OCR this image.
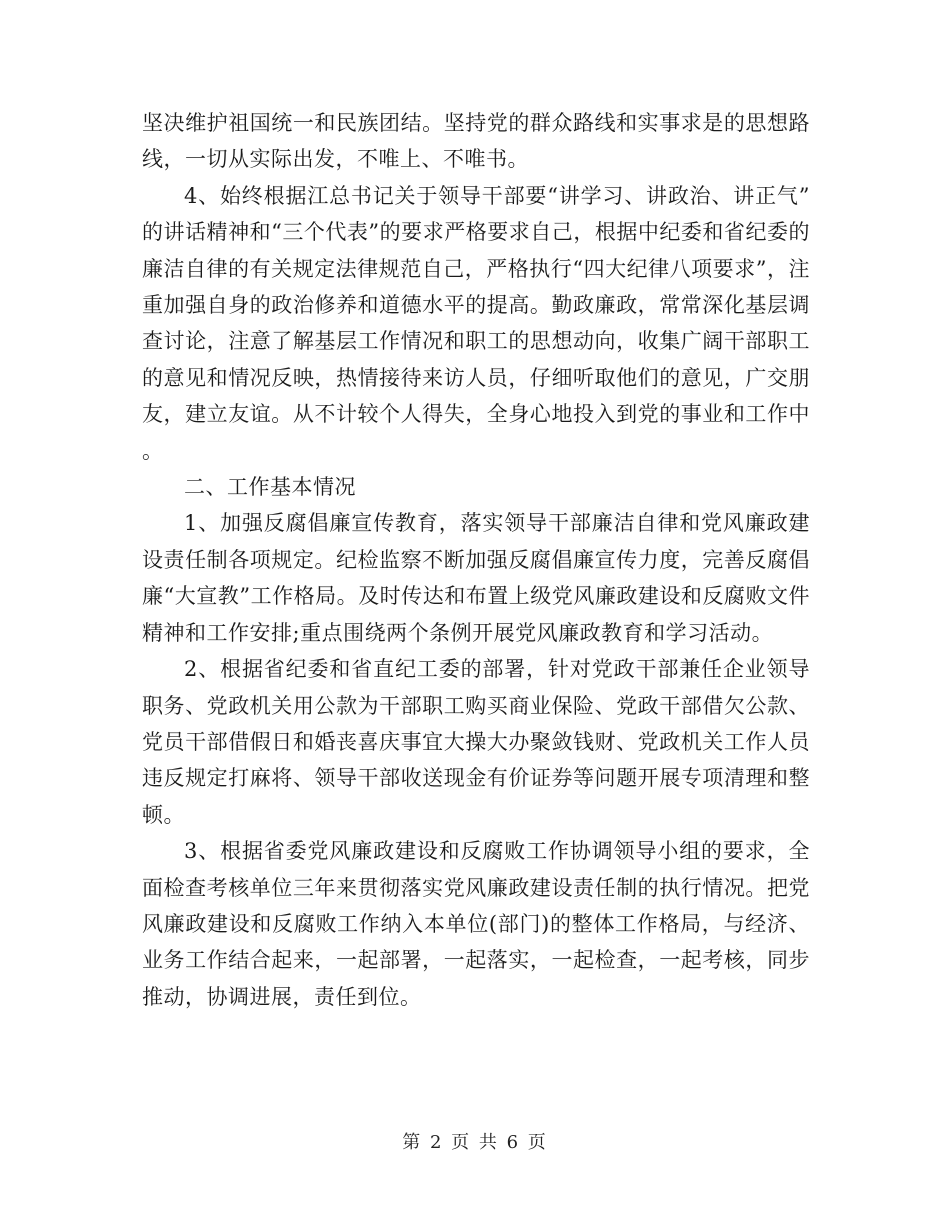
坚决维护祖国统一和民族团结。坚持党的群众路线和实事求是的思想路线，一切从实际出发，不唯上、不唯书。

4、始终根据江总书记关于领导干部要“讲学习、讲政治、讲正气”的讲话精神和“三个代表”的要求严格要求自己，根据中纪委和省纪委的廉洁自律的有关规定法律规范自己，严格执行“四大纪律八项要求”，注重加强自身的政治修养和道德水平的提高。勤政廉政，常常深化基层调查讨论，注意了解基层工作情况和职工的思想动向，收集广阔干部职工的意见和情况反映，热情接待来访人员，仔细听取他们的意见，广交朋友，建立友谊。从不计较个人得失，全身心地投入到党的事业和工作中。

二、工作基本情况

1、加强反腐倡廉宣传教育，落实领导干部廉洁自律和党风廉政建设责任制各项规定。纪检监察不断加强反腐倡廉宣传力度，完善反腐倡廉“大宣教”工作格局。及时传达和布置上级党风廉政建设和反腐败文件精神和工作安排;重点围绕两个条例开展党风廉政教育和学习活动。

2、根据省纪委和省直纪工委的部署，针对党政干部兼任企业领导职务、党政机关用公款为干部职工购买商业保险、党政干部借欠公款、党员干部借假日和婚丧喜庆事宜大操大办聚敛钱财、党政机关工作人员违反规定打麻将、领导干部收送现金有价证券等问题开展专项清理和整顿。

3、根据省委党风廉政建设和反腐败工作协调领导小组的要求，全面检查考核单位三年来贯彻落实党风廉政建设责任制的执行情况。把党风廉政建设和反腐败工作纳入本单位(部门)的整体工作格局，与经济、业务工作结合起来，一起部署，一起落实，一起检查，一起考核，同步推动，协调进展，责任到位。

第 2 页 共 6 页
